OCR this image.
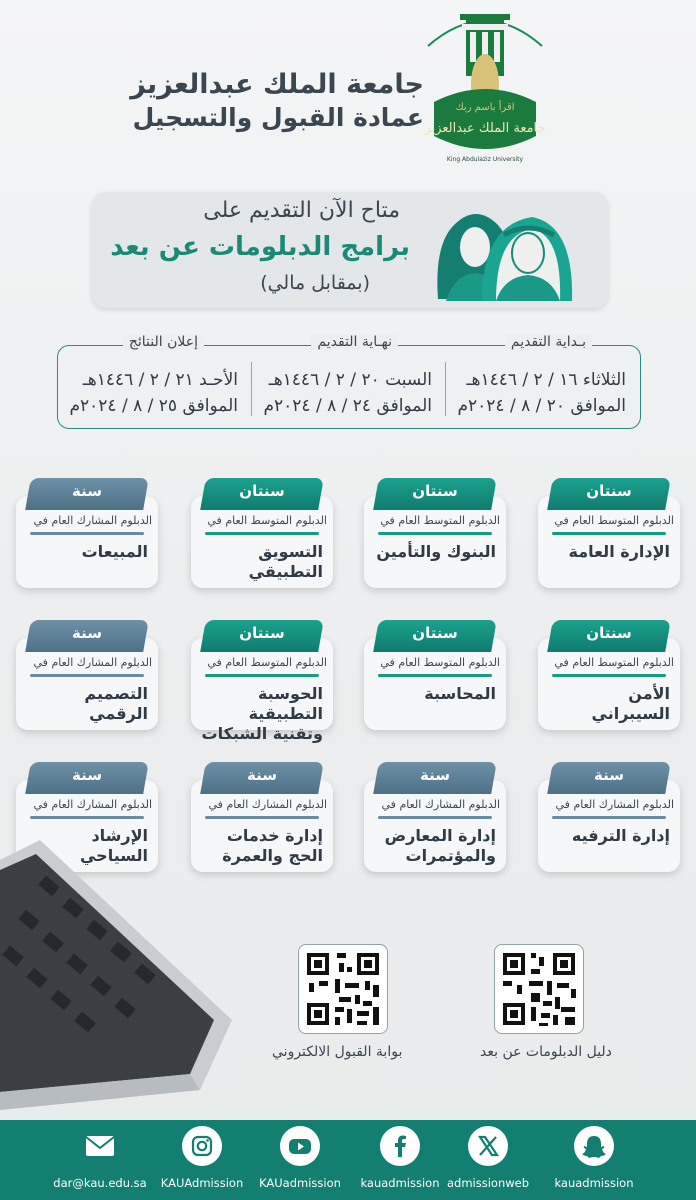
جامعة الملك عبدالعزيز
عمادة القبول والتسجيل	اقرأ باسم ربك
جامعة الملك عبدالعزيز
King Abdulaziz University
متاح الآن التقديم على
برامج الدبلومات عن بعد
(بمقابل مالي)
بـداية التقديم
الثلاثاء ١٦ / ٢ / ١٤٤٦هـ
الموافق ٢٠ / ٨ / ٢٠٢٤م
نهـاية التقديم
السبت ٢٠ / ٢ / ١٤٤٦هـ
الموافق ٢٤ / ٨ / ٢٠٢٤م
إعلان النتائج
الأحـد ٢١ / ٢ / ١٤٤٦هـ
الموافق ٢٥ / ٨ / ٢٠٢٤م
سنتان
الدبلوم المتوسط العام في
الإدارة العامة
سنتان
الدبلوم المتوسط العام في
البنوك والتأمين
سنتان
الدبلوم المتوسط العام في
التسويق التطبيقي
سنة
الدبلوم المشارك العام في
المبيعات
سنتان
الدبلوم المتوسط العام في
الأمن السيبراني
سنتان
الدبلوم المتوسط العام في
المحاسبة
سنتان
الدبلوم المتوسط العام في
الحوسبة التطبيقية وتقنية الشبكات
سنة
الدبلوم المشارك العام في
التصميم الرقمي
سنة
الدبلوم المشارك العام في
إدارة الترفيه
سنة
الدبلوم المشارك العام في
إدارة المعارض والمؤتمرات
سنة
الدبلوم المشارك العام في
إدارة خدمات الحج والعمرة
سنة
الدبلوم المشارك العام في
الإرشاد السياحي
دليل الدبلومات عن بعد
بوابة القبول الالكتروني
kauadmission
admissionweb
kauadmission
KAUadmission
KAUAdmission
dar@kau.edu.sa
